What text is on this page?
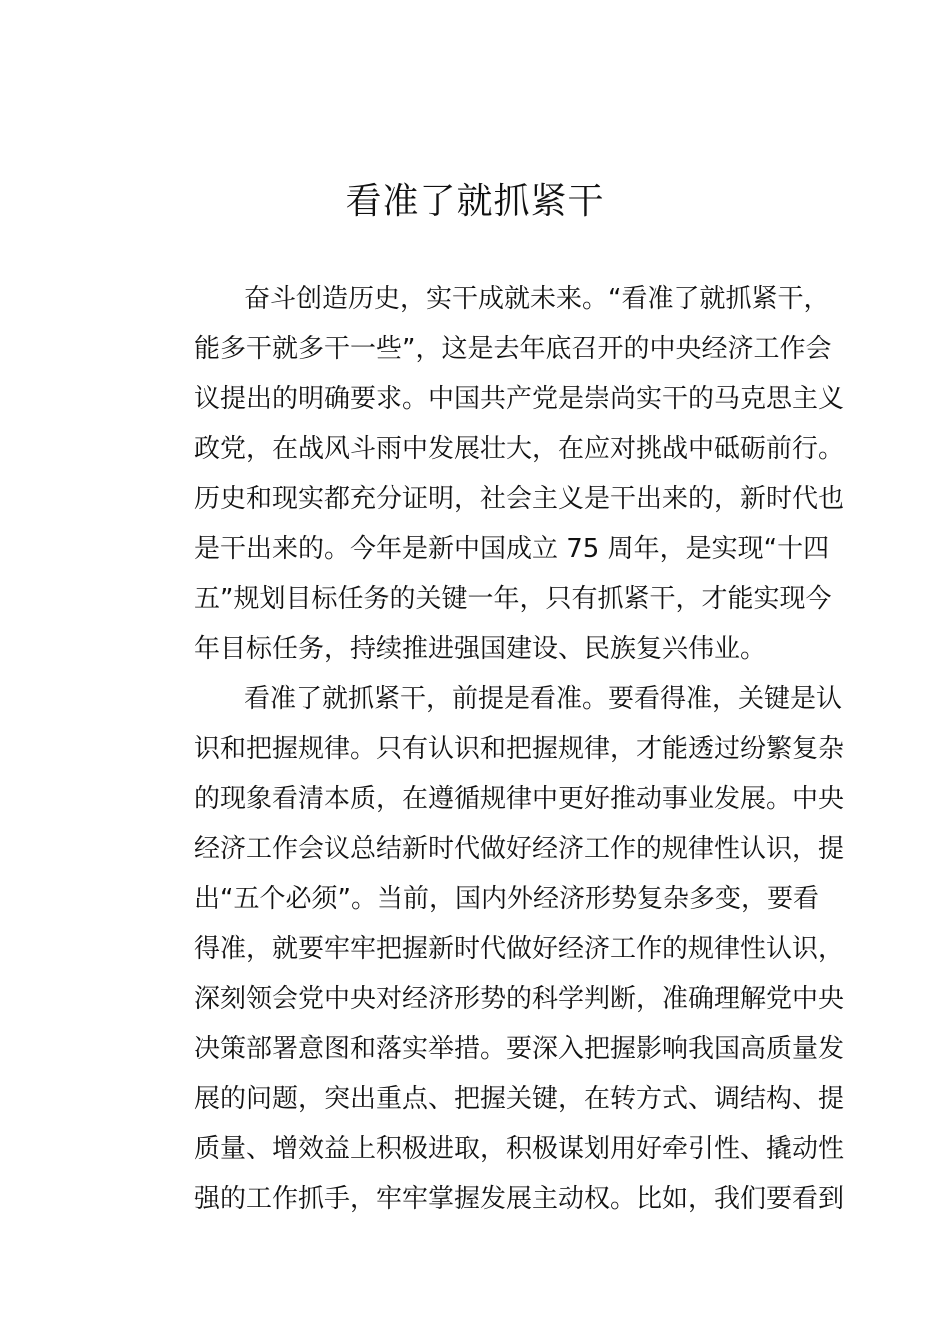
看准了就抓紧干
奋斗创造历史，实干成就未来。“看准了就抓紧干，
能多干就多干一些”，这是去年底召开的中央经济工作会
议提出的明确要求。中国共产党是崇尚实干的马克思主义
政党，在战风斗雨中发展壮大，在应对挑战中砥砺前行。
历史和现实都充分证明，社会主义是干出来的，新时代也
是干出来的。今年是新中国成立 75 周年，是实现“十四
五”规划目标任务的关键一年，只有抓紧干，才能实现今
年目标任务，持续推进强国建设、民族复兴伟业。
看准了就抓紧干，前提是看准。要看得准，关键是认
识和把握规律。只有认识和把握规律，才能透过纷繁复杂
的现象看清本质，在遵循规律中更好推动事业发展。中央
经济工作会议总结新时代做好经济工作的规律性认识，提
出“五个必须”。当前，国内外经济形势复杂多变，要看
得准，就要牢牢把握新时代做好经济工作的规律性认识，
深刻领会党中央对经济形势的科学判断，准确理解党中央
决策部署意图和落实举措。要深入把握影响我国高质量发
展的问题，突出重点、把握关键，在转方式、调结构、提
质量、增效益上积极进取，积极谋划用好牵引性、撬动性
强的工作抓手，牢牢掌握发展主动权。比如，我们要看到
